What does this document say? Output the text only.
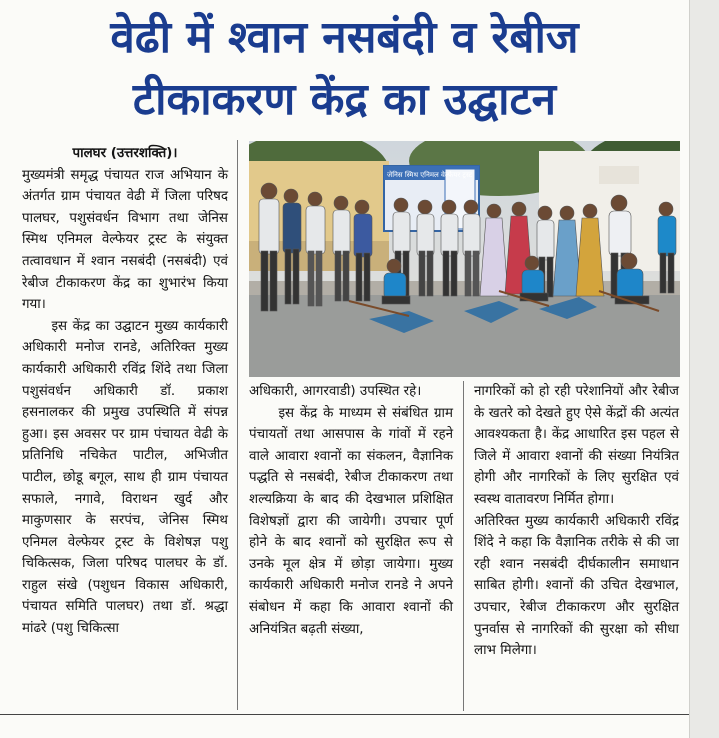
वेढी में श्वान नसबंदी व रेबीज
टीकाकरण केंद्र का उद्घाटन
पालघर (उत्तरशक्ति)।

मुख्यमंत्री समृद्ध पंचायत राज अभियान के अंतर्गत ग्राम पंचायत वेढी में जिला परिषद पालघर, पशुसंवर्धन विभाग तथा जेनिस स्मिथ एनिमल वेल्फेयर ट्रस्ट के संयुक्त तत्वावधान में श्वान नसबंदी (नसबंदी) एवं रेबीज टीकाकरण केंद्र का शुभारंभ किया गया।

इस केंद्र का उद्घाटन मुख्य कार्यकारी अधिकारी मनोज रानडे, अतिरिक्त मुख्य कार्यकारी अधिकारी रविंद्र शिंदे तथा जिला पशुसंवर्धन अधिकारी डॉ. प्रकाश हसनालकर की प्रमुख उपस्थिति में संपन्न हुआ। इस अवसर पर ग्राम पंचायत वेढी के प्रतिनिधि नचिकेत पाटील, अभिजीत पाटील, छोडू बगूल, साथ ही ग्राम पंचायत सफाले, नगावे, विराथन खुर्द और माकुणसार के सरपंच, जेनिस स्मिथ एनिमल वेल्फेयर ट्रस्ट के विशेषज्ञ पशु चिकित्सक, जिला परिषद पालघर के डॉ. राहुल संखे (पशुधन विकास अधिकारी, पंचायत समिति पालघर) तथा डॉ. श्रद्धा मांढरे (पशु चिकित्सा

जेनिस स्मिथ एनिमल वेल्फेयर ट्रस्ट

अधिकारी, आगरवाडी) उपस्थित रहे।

इस केंद्र के माध्यम से संबंधित ग्राम पंचायतों तथा आसपास के गांवों में रहने वाले आवारा श्वानों का संकलन, वैज्ञानिक पद्धति से नसबंदी, रेबीज टीकाकरण तथा शल्यक्रिया के बाद की देखभाल प्रशिक्षित विशेषज्ञों द्वारा की जायेगी। उपचार पूर्ण होने के बाद श्वानों को सुरक्षित रूप से उनके मूल क्षेत्र में छोड़ा जायेगा। मुख्य कार्यकारी अधिकारी मनोज रानडे ने अपने संबोधन में कहा कि आवारा श्वानों की अनियंत्रित बढ़ती संख्या,

नागरिकों को हो रही परेशानियों और रेबीज के खतरे को देखते हुए ऐसे केंद्रों की अत्यंत आवश्यकता है। केंद्र आधारित इस पहल से जिले में आवारा श्वानों की संख्या नियंत्रित होगी और नागरिकों के लिए सुरक्षित एवं स्वस्थ वातावरण निर्मित होगा।

अतिरिक्त मुख्य कार्यकारी अधिकारी रविंद्र शिंदे ने कहा कि वैज्ञानिक तरीके से की जा रही श्वान नसबंदी दीर्घकालीन समाधान साबित होगी। श्वानों की उचित देखभाल, उपचार, रेबीज टीकाकरण और सुरक्षित पुनर्वास से नागरिकों की सुरक्षा को सीधा लाभ मिलेगा।
